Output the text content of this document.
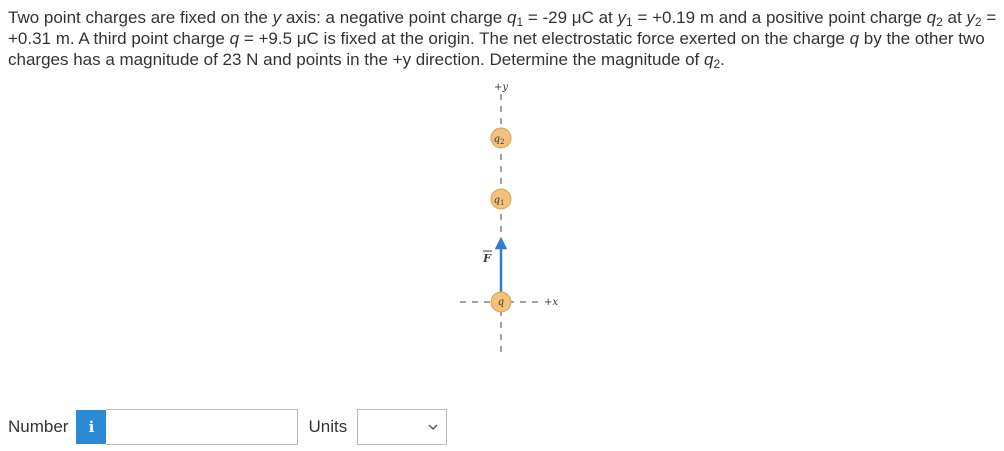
Two point charges are fixed on the y axis: a negative point charge $q_1 = -29$ μC at $y_1 = +0.19$ m and a positive point charge $q_2$ at $y_2 = +0.31$ m. A third point charge q = +9.5 μC is fixed at the origin. The net electrostatic force exerted on the charge q by the other two charges has a magnitude of 23 N and points in the +y direction. Determine the magnitude of $q_2$.
+y
+x
F
$q_2$
$q_1$
q
Number i	Units
